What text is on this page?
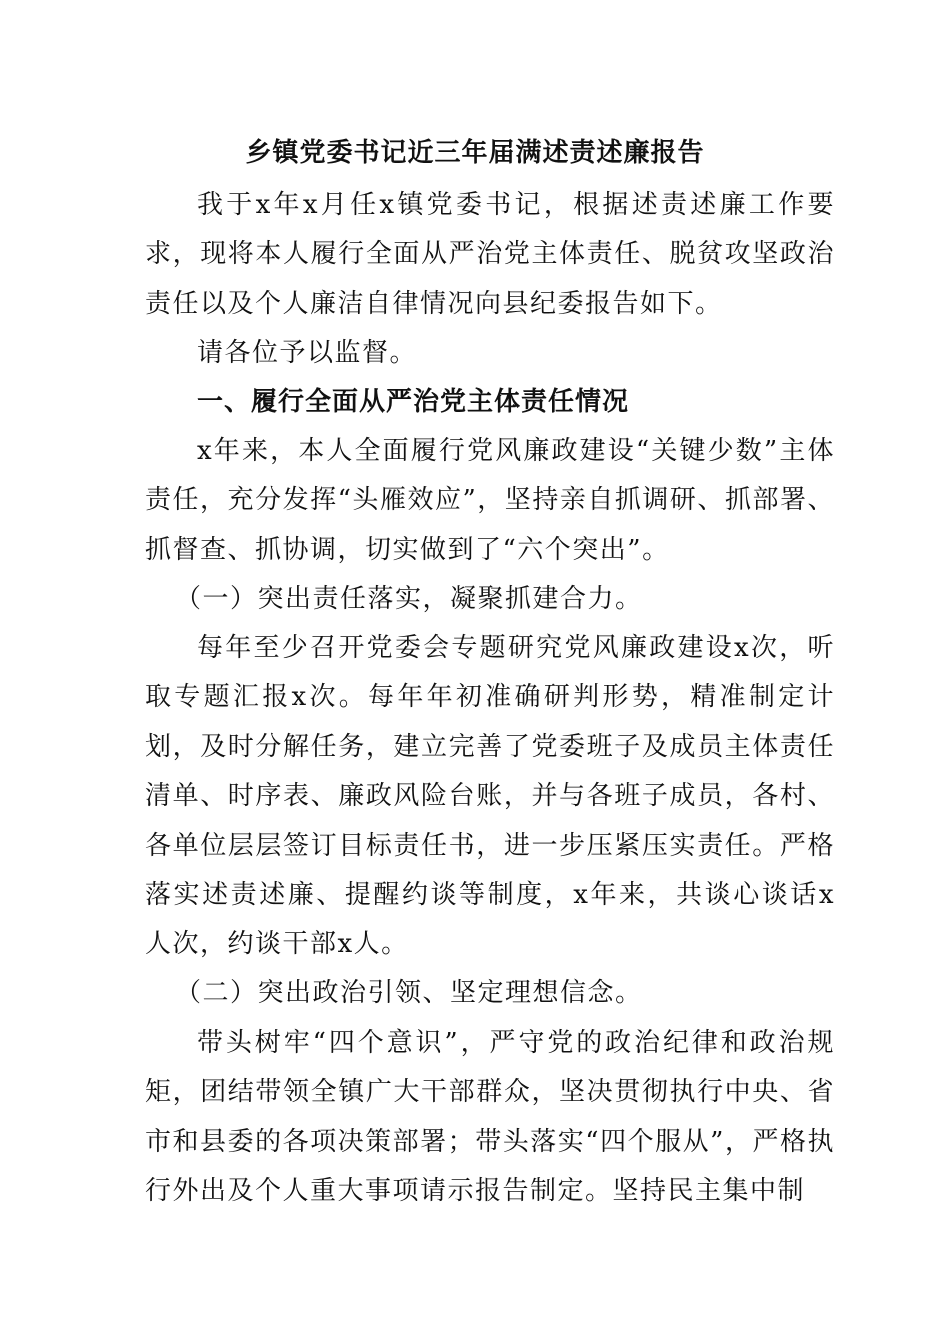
乡镇党委书记近三年届满述责述廉报告

我于x年x月任x镇党委书记，根据述责述廉工作要求，现将本人履行全面从严治党主体责任、脱贫攻坚政治责任以及个人廉洁自律情况向县纪委报告如下。

请各位予以监督。

一、履行全面从严治党主体责任情况

x年来，本人全面履行党风廉政建设“关键少数”主体责任，充分发挥“头雁效应”，坚持亲自抓调研、抓部署、抓督查、抓协调，切实做到了“六个突出”。

（一）突出责任落实，凝聚抓建合力。

每年至少召开党委会专题研究党风廉政建设x次，听取专题汇报x次。每年年初准确研判形势，精准制定计划，及时分解任务，建立完善了党委班子及成员主体责任清单、时序表、廉政风险台账，并与各班子成员，各村、各单位层层签订目标责任书，进一步压紧压实责任。严格落实述责述廉、提醒约谈等制度，x年来，共谈心谈话x人次，约谈干部x人。

（二）突出政治引领、坚定理想信念。

带头树牢“四个意识”，严守党的政治纪律和政治规矩，团结带领全镇广大干部群众，坚决贯彻执行中央、省市和县委的各项决策部署；带头落实“四个服从”，严格执行外出及个人重大事项请示报告制定。坚持民主集中制
